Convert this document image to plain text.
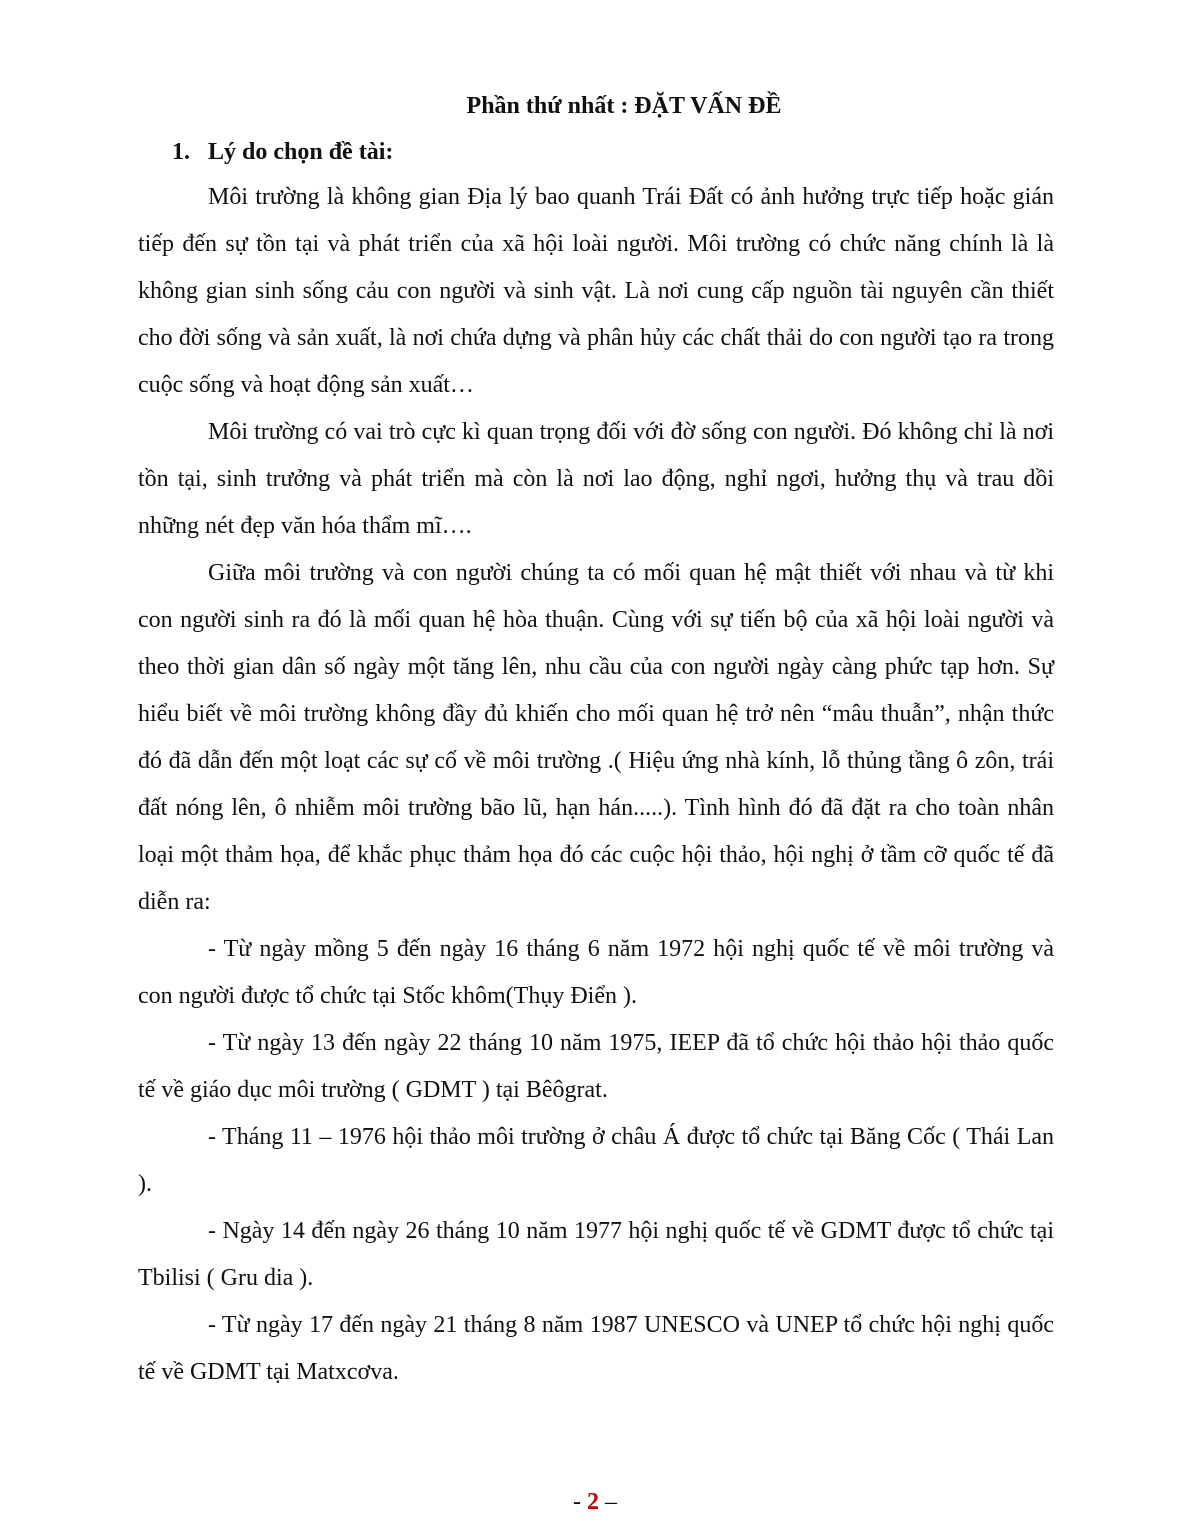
Phần thứ nhất : ĐẶT VẤN ĐỀ

1. Lý do chọn đề tài:

Môi trường là không gian Địa lý bao quanh Trái Đất có ảnh hưởng trực tiếp hoặc gián tiếp đến sự tồn tại và phát triển của xã hội loài người. Môi trường có chức năng chính là là không gian sinh sống cảu con người và sinh vật. Là nơi cung cấp nguồn tài nguyên cần thiết cho đời sống và sản xuất, là nơi chứa dựng và phân hủy các chất thải do con người tạo ra trong cuộc sống và hoạt động sản xuất…

Môi trường có vai trò cực kì quan trọng đối với đờ sống con người. Đó không chỉ là nơi tồn tại, sinh trưởng và phát triển mà còn là nơi lao động, nghỉ ngơi, hưởng thụ và trau dồi những nét đẹp văn hóa thẩm mĩ….

Giữa môi trường và con người chúng ta có mối quan hệ mật thiết với nhau và từ khi con người sinh ra đó là mối quan hệ hòa thuận. Cùng với sự tiến bộ của xã hội loài người và theo thời gian dân số ngày một tăng lên, nhu cầu của con người ngày càng phức tạp hơn. Sự hiểu biết về môi trường không đầy đủ khiến cho mối quan hệ trở nên “mâu thuẫn”, nhận thức đó đã dẫn đến một loạt các sự cố về môi trường .( Hiệu ứng nhà kính, lỗ thủng tầng ô zôn, trái đất nóng lên, ô nhiễm môi trường bão lũ, hạn hán.....). Tình hình đó đã đặt ra cho toàn nhân loại một thảm họa, để khắc phục thảm họa đó các cuộc hội thảo, hội nghị ở tầm cỡ quốc tế đã diễn ra:

- Từ ngày mồng 5 đến ngày 16 tháng 6 năm 1972 hội nghị quốc tế về môi trường và con người được tổ chức tại Stốc khôm(Thụy Điển ).

- Từ ngày 13 đến ngày 22 tháng 10 năm 1975, IEEP đã tổ chức hội thảo hội thảo quốc tế về giáo dục môi trường ( GDMT ) tại Bêôgrat.

- Tháng 11 – 1976 hội thảo môi trường ở châu Á được tổ chức tại Băng Cốc ( Thái Lan ).

- Ngày 14 đến ngày 26 tháng 10 năm 1977 hội nghị quốc tế về GDMT được tổ chức tại Tbilisi ( Gru dia ).

- Từ ngày 17 đến ngày 21 tháng 8 năm 1987 UNESCO và UNEP tổ chức hội nghị quốc tế về GDMT tại Matxcơva.

- 2 –
